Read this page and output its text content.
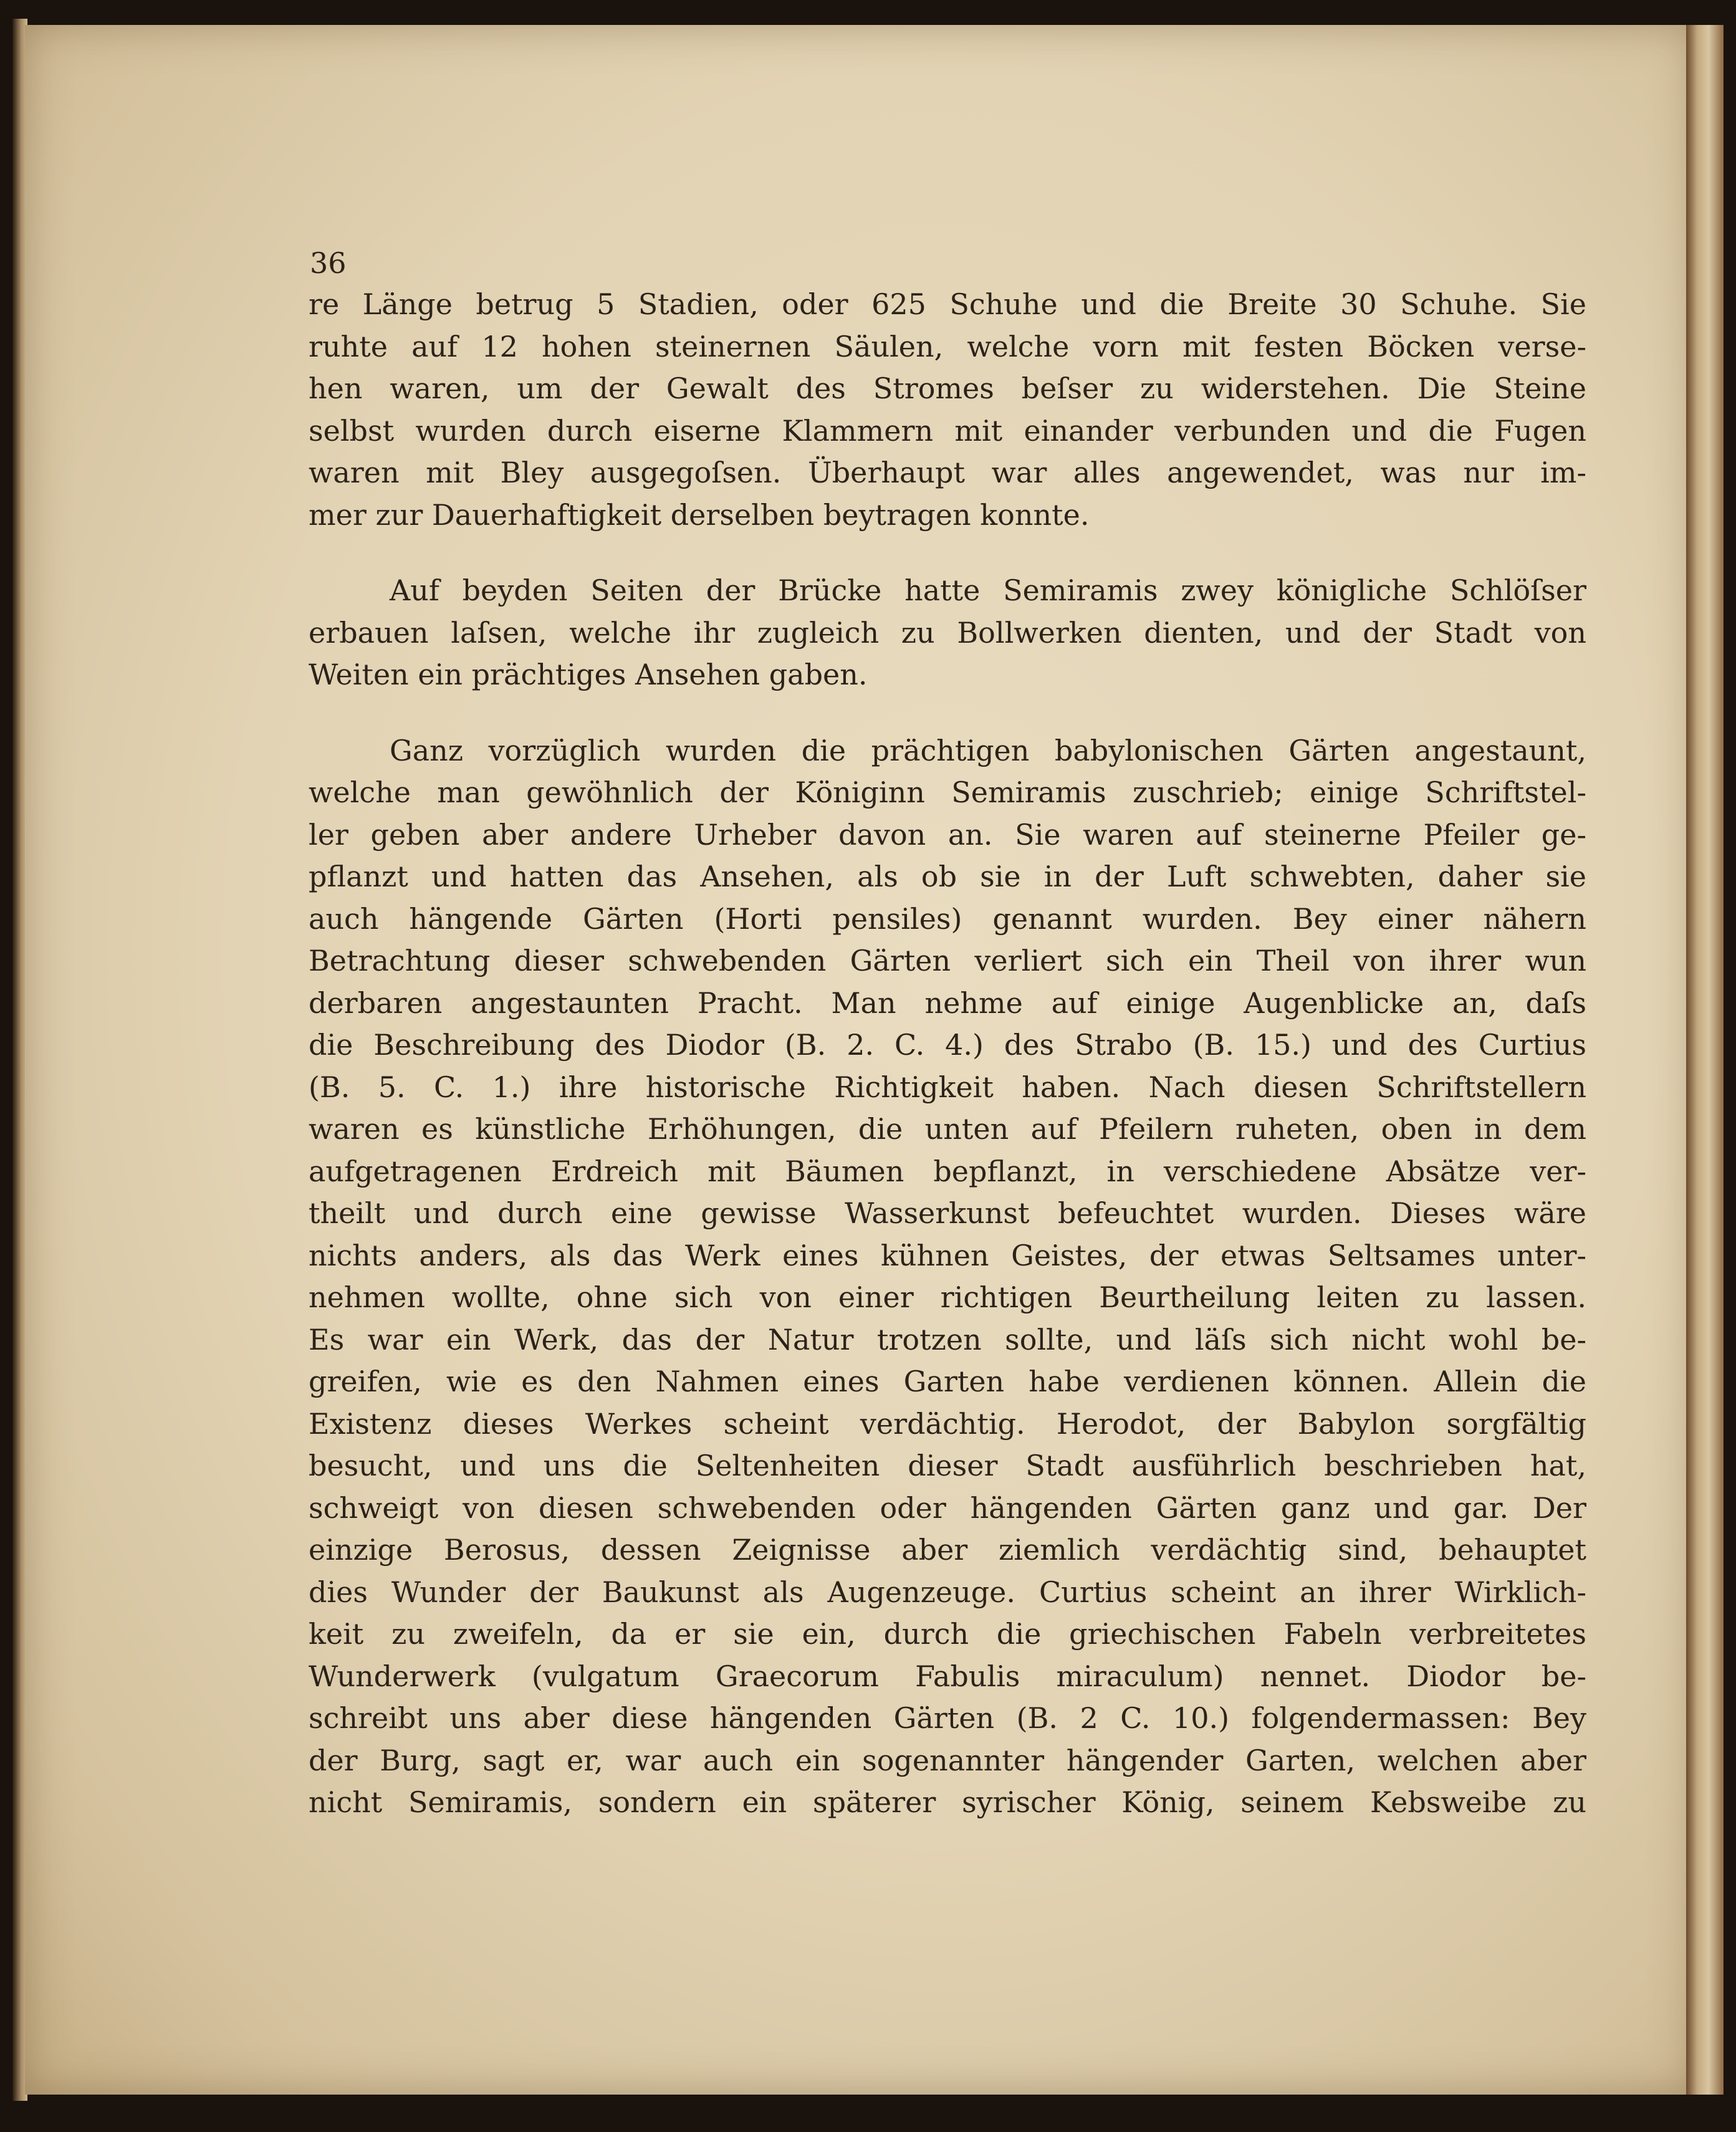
36

re Länge betrug 5 Stadien, oder 625 Schuhe und die Breite 30 Schuhe. Sie
ruhte auf 12 hohen steinernen Säulen, welche vorn mit festen Böcken verse-
hen waren, um der Gewalt des Stromes beſser zu widerstehen. Die Steine
selbst wurden durch eiserne Klammern mit einander verbunden und die Fugen
waren mit Bley ausgegoſsen. Überhaupt war alles angewendet, was nur im-
mer zur Dauerhaftigkeit derselben beytragen konnte.

Auf beyden Seiten der Brücke hatte Semiramis zwey königliche Schlöſser
erbauen laſsen, welche ihr zugleich zu Bollwerken dienten, und der Stadt von
Weiten ein prächtiges Ansehen gaben.

Ganz vorzüglich wurden die prächtigen babylonischen Gärten angestaunt,
welche man gewöhnlich der Königinn Semiramis zuschrieb; einige Schriftstel-
ler geben aber andere Urheber davon an. Sie waren auf steinerne Pfeiler ge-
pflanzt und hatten das Ansehen, als ob sie in der Luft schwebten, daher sie
auch hängende Gärten (Horti pensiles) genannt wurden. Bey einer nähern
Betrachtung dieser schwebenden Gärten verliert sich ein Theil von ihrer wun
derbaren angestaunten Pracht. Man nehme auf einige Augenblicke an, daſs
die Beschreibung des Diodor (B. 2. C. 4.) des Strabo (B. 15.) und des Curtius
(B. 5. C. 1.) ihre historische Richtigkeit haben. Nach diesen Schriftstellern
waren es künstliche Erhöhungen, die unten auf Pfeilern ruheten, oben in dem
aufgetragenen Erdreich mit Bäumen bepflanzt, in verschiedene Absätze ver-
theilt und durch eine gewisse Wasserkunst befeuchtet wurden. Dieses wäre
nichts anders, als das Werk eines kühnen Geistes, der etwas Seltsames unter-
nehmen wollte, ohne sich von einer richtigen Beurtheilung leiten zu lassen.
Es war ein Werk, das der Natur trotzen sollte, und läſs sich nicht wohl be-
greifen, wie es den Nahmen eines Garten habe verdienen können. Allein die
Existenz dieses Werkes scheint verdächtig. Herodot, der Babylon sorgfältig
besucht, und uns die Seltenheiten dieser Stadt ausführlich beschrieben hat,
schweigt von diesen schwebenden oder hängenden Gärten ganz und gar. Der
einzige Berosus, dessen Zeignisse aber ziemlich verdächtig sind, behauptet
dies Wunder der Baukunst als Augenzeuge. Curtius scheint an ihrer Wirklich-
keit zu zweifeln, da er sie ein, durch die griechischen Fabeln verbreitetes
Wunderwerk (vulgatum Graecorum Fabulis miraculum) nennet. Diodor be-
schreibt uns aber diese hängenden Gärten (B. 2 C. 10.) folgendermassen: Bey
der Burg, sagt er, war auch ein sogenannter hängender Garten, welchen aber
nicht Semiramis, sondern ein späterer syrischer König, seinem Kebsweibe zu
